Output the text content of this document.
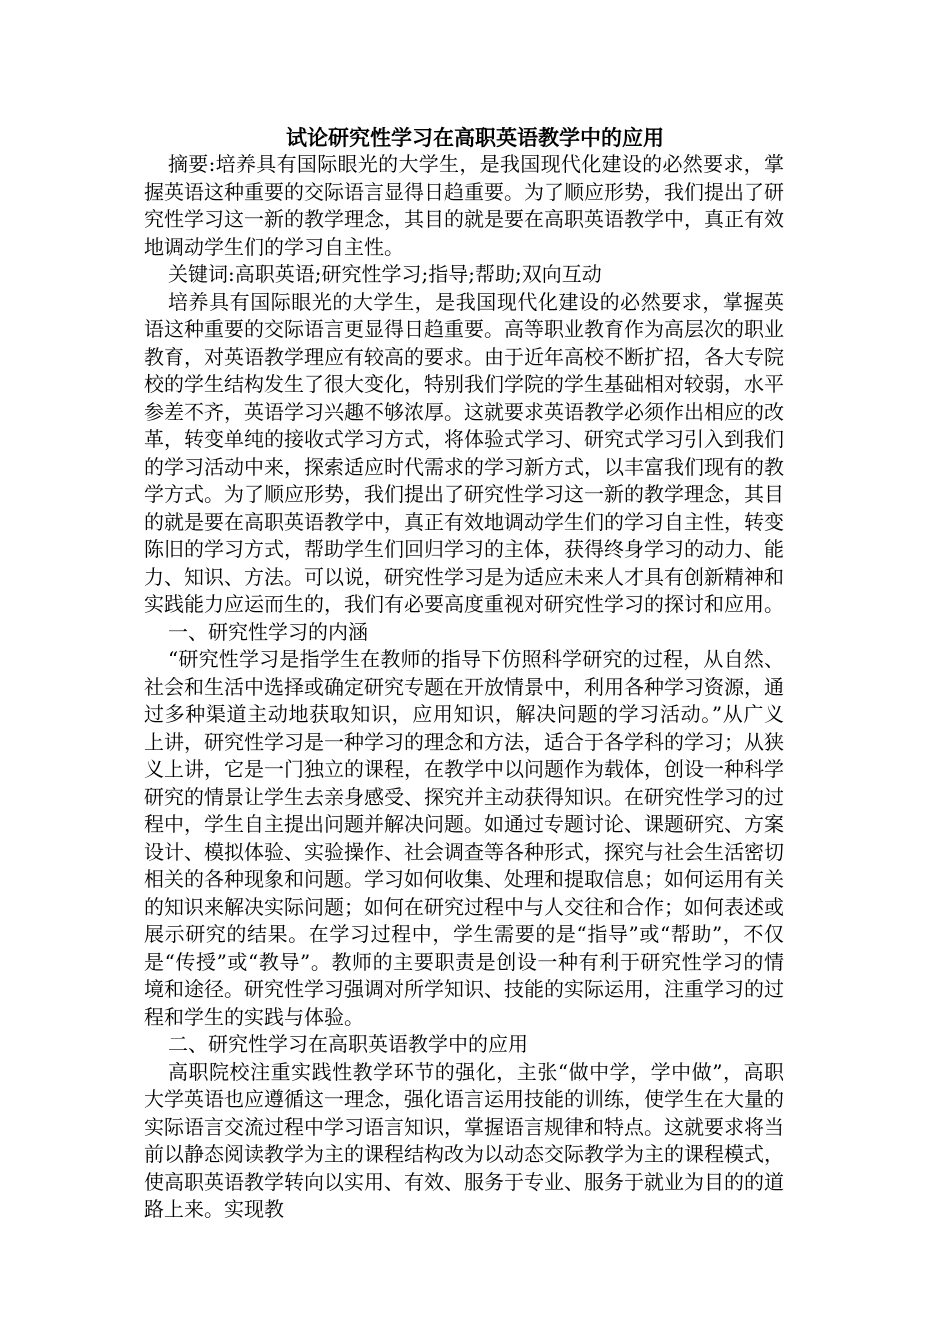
试论研究性学习在高职英语教学中的应用

摘要:培养具有国际眼光的大学生，是我国现代化建设的必然要求，掌握英语这种重要的交际语言显得日趋重要。为了顺应形势，我们提出了研究性学习这一新的教学理念，其目的就是要在高职英语教学中，真正有效地调动学生们的学习自主性。

关键词:高职英语;研究性学习;指导;帮助;双向互动

培养具有国际眼光的大学生，是我国现代化建设的必然要求，掌握英语这种重要的交际语言更显得日趋重要。高等职业教育作为高层次的职业教育，对英语教学理应有较高的要求。由于近年高校不断扩招，各大专院校的学生结构发生了很大变化，特别我们学院的学生基础相对较弱，水平参差不齐，英语学习兴趣不够浓厚。这就要求英语教学必须作出相应的改革，转变单纯的接收式学习方式，将体验式学习、研究式学习引入到我们的学习活动中来，探索适应时代需求的学习新方式，以丰富我们现有的教学方式。为了顺应形势，我们提出了研究性学习这一新的教学理念，其目的就是要在高职英语教学中，真正有效地调动学生们的学习自主性，转变陈旧的学习方式，帮助学生们回归学习的主体，获得终身学习的动力、能力、知识、方法。可以说，研究性学习是为适应未来人才具有创新精神和实践能力应运而生的，我们有必要高度重视对研究性学习的探讨和应用。

一、研究性学习的内涵

“研究性学习是指学生在教师的指导下仿照科学研究的过程，从自然、社会和生活中选择或确定研究专题在开放情景中，利用各种学习资源，通过多种渠道主动地获取知识，应用知识，解决问题的学习活动。”从广义上讲，研究性学习是一种学习的理念和方法，适合于各学科的学习；从狭义上讲，它是一门独立的课程，在教学中以问题作为载体，创设一种科学研究的情景让学生去亲身感受、探究并主动获得知识。在研究性学习的过程中，学生自主提出问题并解决问题。如通过专题讨论、课题研究、方案设计、模拟体验、实验操作、社会调查等各种形式，探究与社会生活密切相关的各种现象和问题。学习如何收集、处理和提取信息；如何运用有关的知识来解决实际问题；如何在研究过程中与人交往和合作；如何表述或展示研究的结果。在学习过程中，学生需要的是“指导”或“帮助”，不仅是“传授”或“教导”。教师的主要职责是创设一种有利于研究性学习的情境和途径。研究性学习强调对所学知识、技能的实际运用，注重学习的过程和学生的实践与体验。

二、研究性学习在高职英语教学中的应用

高职院校注重实践性教学环节的强化，主张“做中学，学中做”，高职大学英语也应遵循这一理念，强化语言运用技能的训练，使学生在大量的实际语言交流过程中学习语言知识，掌握语言规律和特点。这就要求将当前以静态阅读教学为主的课程结构改为以动态交际教学为主的课程模式，使高职英语教学转向以实用、有效、服务于专业、服务于就业为目的的道路上来。实现教
